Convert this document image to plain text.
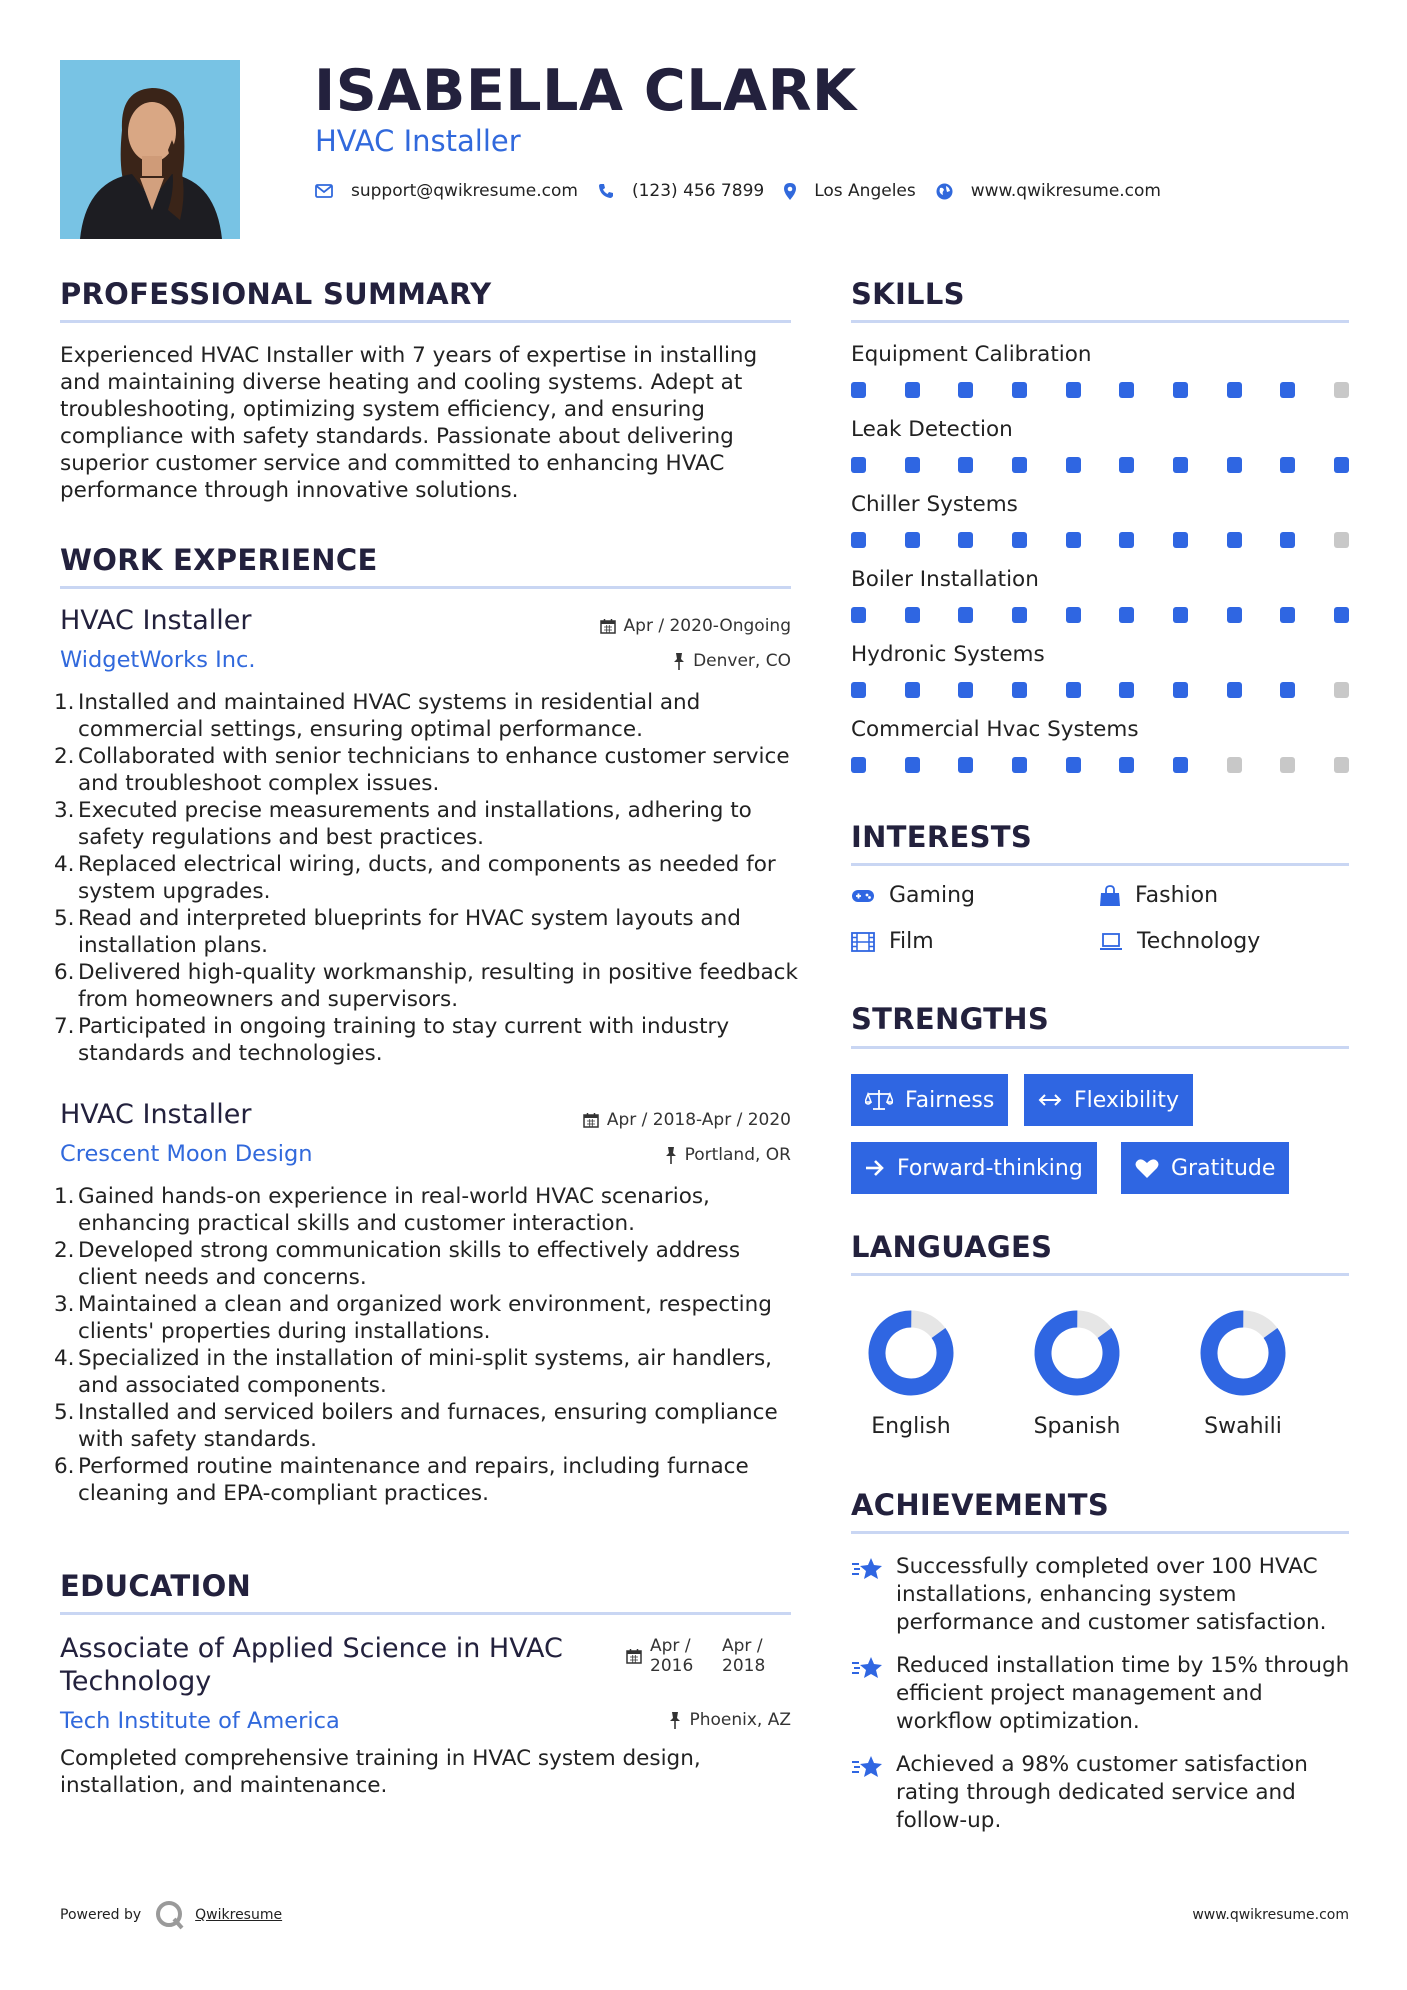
ISABELLA CLARK
HVAC Installer
support@qwikresume.com	(123) 456 7899	Los Angeles	www.qwikresume.com
PROFESSIONAL SUMMARY
Experienced HVAC Installer with 7 years of expertise in installing and maintaining diverse heating and cooling systems. Adept at troubleshooting, optimizing system efficiency, and ensuring compliance with safety standards. Passionate about delivering superior customer service and committed to enhancing HVAC performance through innovative solutions.
WORK EXPERIENCE
HVAC Installer	Apr / 2020-Ongoing
WidgetWorks Inc.	Denver, CO
1. Installed and maintained HVAC systems in residential and commercial settings, ensuring optimal performance.
2. Collaborated with senior technicians to enhance customer service and troubleshoot complex issues.
3. Executed precise measurements and installations, adhering to safety regulations and best practices.
4. Replaced electrical wiring, ducts, and components as needed for system upgrades.
5. Read and interpreted blueprints for HVAC system layouts and installation plans.
6. Delivered high-quality workmanship, resulting in positive feedback from homeowners and supervisors.
7. Participated in ongoing training to stay current with industry standards and technologies.
HVAC Installer	Apr / 2018-Apr / 2020
Crescent Moon Design	Portland, OR
1. Gained hands-on experience in real-world HVAC scenarios, enhancing practical skills and customer interaction.
2. Developed strong communication skills to effectively address client needs and concerns.
3. Maintained a clean and organized work environment, respecting clients' properties during installations.
4. Specialized in the installation of mini-split systems, air handlers, and associated components.
5. Installed and serviced boilers and furnaces, ensuring compliance with safety standards.
6. Performed routine maintenance and repairs, including furnace cleaning and EPA-compliant practices.
EDUCATION
Associate of Applied Science in HVAC Technology
Apr / 2016
Apr / 2018
Tech Institute of America	Phoenix, AZ
Completed comprehensive training in HVAC system design, installation, and maintenance.
SKILLS
Equipment Calibration
Leak Detection
Chiller Systems
Boiler Installation
Hydronic Systems
Commercial Hvac Systems
INTERESTS
Gaming	Fashion
Film	Technology
STRENGTHS
Fairness	Flexibility
Forward-thinking	Gratitude
LANGUAGES
English	Spanish	Swahili
ACHIEVEMENTS
Successfully completed over 100 HVAC installations, enhancing system performance and customer satisfaction.
Reduced installation time by 15% through efficient project management and workflow optimization.
Achieved a 98% customer satisfaction rating through dedicated service and follow-up.
Powered by	Qwikresume	www.qwikresume.com
